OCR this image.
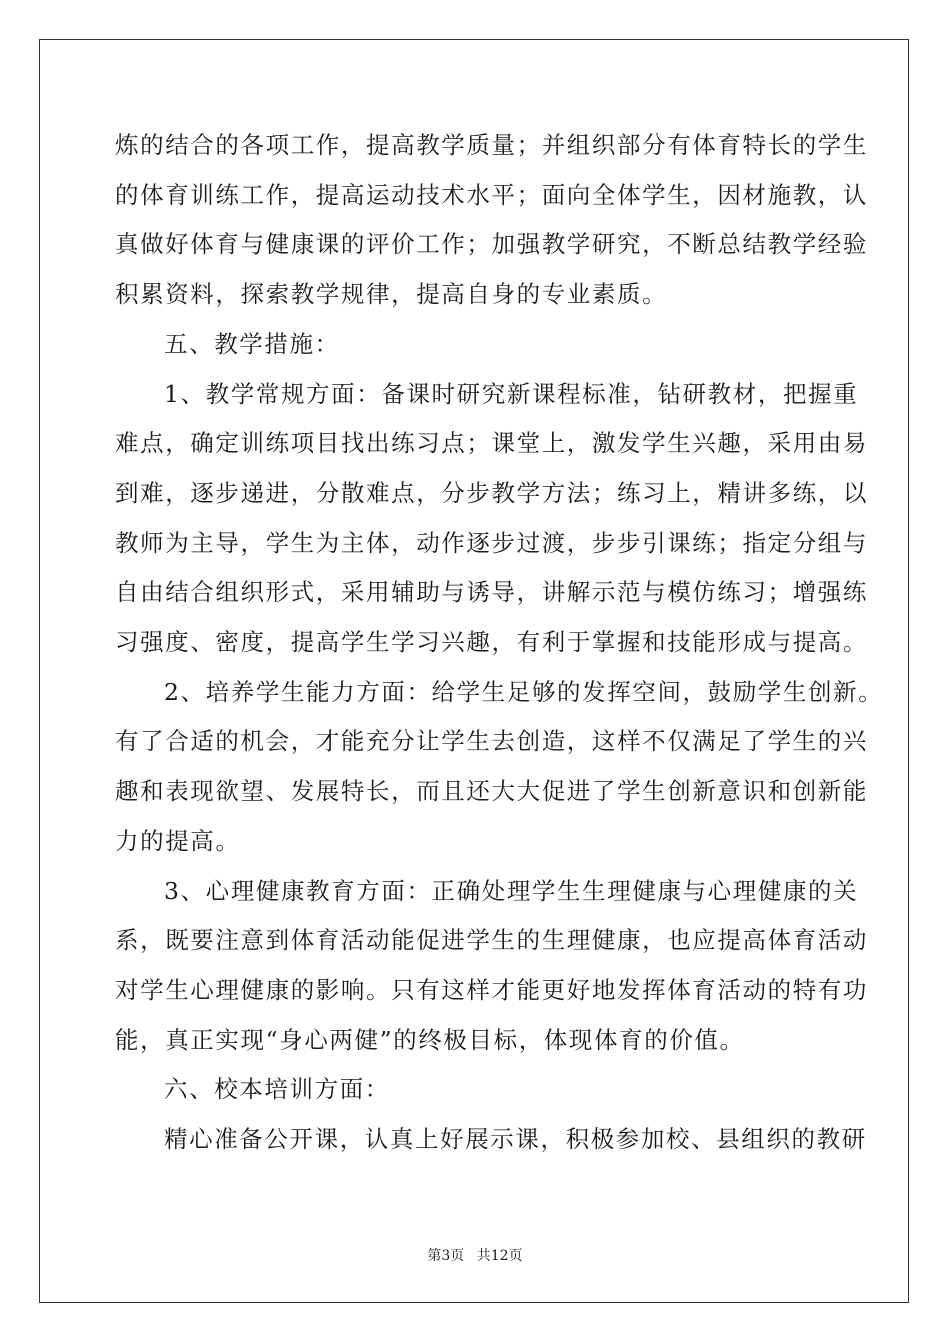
炼的结合的各项工作，提高教学质量；并组织部分有体育特长的学生
的体育训练工作，提高运动技术水平；面向全体学生，因材施教，认
真做好体育与健康课的评价工作；加强教学研究，不断总结教学经验
积累资料，探索教学规律，提高自身的专业素质。
五、教学措施：
1、教学常规方面：备课时研究新课程标准，钻研教材，把握重
难点，确定训练项目找出练习点；课堂上，激发学生兴趣，采用由易
到难，逐步递进，分散难点，分步教学方法；练习上，精讲多练，以
教师为主导，学生为主体，动作逐步过渡，步步引课练；指定分组与
自由结合组织形式，采用辅助与诱导，讲解示范与模仿练习；增强练
习强度、密度，提高学生学习兴趣，有利于掌握和技能形成与提高。
2、培养学生能力方面：给学生足够的发挥空间，鼓励学生创新。
有了合适的机会，才能充分让学生去创造，这样不仅满足了学生的兴
趣和表现欲望、发展特长，而且还大大促进了学生创新意识和创新能
力的提高。
3、心理健康教育方面：正确处理学生生理健康与心理健康的关
系，既要注意到体育活动能促进学生的生理健康，也应提高体育活动
对学生心理健康的影响。只有这样才能更好地发挥体育活动的特有功
能，真正实现“身心两健”的终极目标，体现体育的价值。
六、校本培训方面：
精心准备公开课，认真上好展示课，积极参加校、县组织的教研
第3页 共12页
